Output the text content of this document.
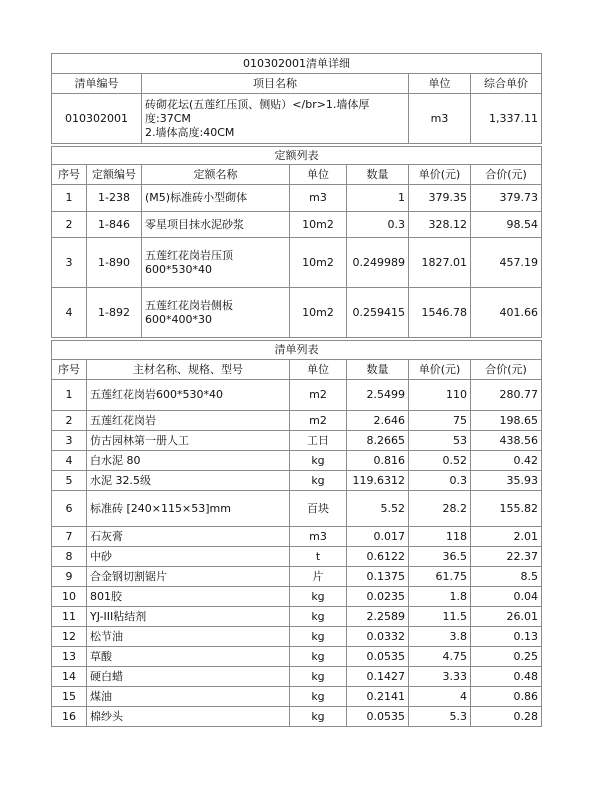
010302001清单详细			
清单编号	项目名称	单位	综合单价
010302001	砖砌花坛(五莲红压顶、侧贴）</br>1.墙体厚
度:37CM
2.墙体高度:40CM	m3	1,337.11
定额列表						
序号	定额编号	定额名称	单位	数量	单价(元)	合价(元)
1	1-238	(M5)标准砖小型砌体	m3	1	379.35	379.73
2	1-846	零星项目抹水泥砂浆	10m2	0.3	328.12	98.54
3	1-890	五莲红花岗岩压顶
600*530*40	10m2	0.249989	1827.01	457.19
4	1-892	五莲红花岗岩侧板
600*400*30	10m2	0.259415	1546.78	401.66
清单列表					
序号	主材名称、规格、型号	单位	数量	单价(元)	合价(元)
1	五莲红花岗岩600*530*40	m2	2.5499	110	280.77
2	五莲红花岗岩	m2	2.646	75	198.65
3	仿古园林第一册人工	工日	8.2665	53	438.56
4	白水泥 80	kg	0.816	0.52	0.42
5	水泥 32.5级	kg	119.6312	0.3	35.93
6	标准砖 [240×115×53]mm	百块	5.52	28.2	155.82
7	石灰膏	m3	0.017	118	2.01
8	中砂	t	0.6122	36.5	22.37
9	合金钢切割锯片	片	0.1375	61.75	8.5
10	801胶	kg	0.0235	1.8	0.04
11	YJ-III粘结剂	kg	2.2589	11.5	26.01
12	松节油	kg	0.0332	3.8	0.13
13	草酸	kg	0.0535	4.75	0.25
14	硬白蜡	kg	0.1427	3.33	0.48
15	煤油	kg	0.2141	4	0.86
16	棉纱头	kg	0.0535	5.3	0.28
